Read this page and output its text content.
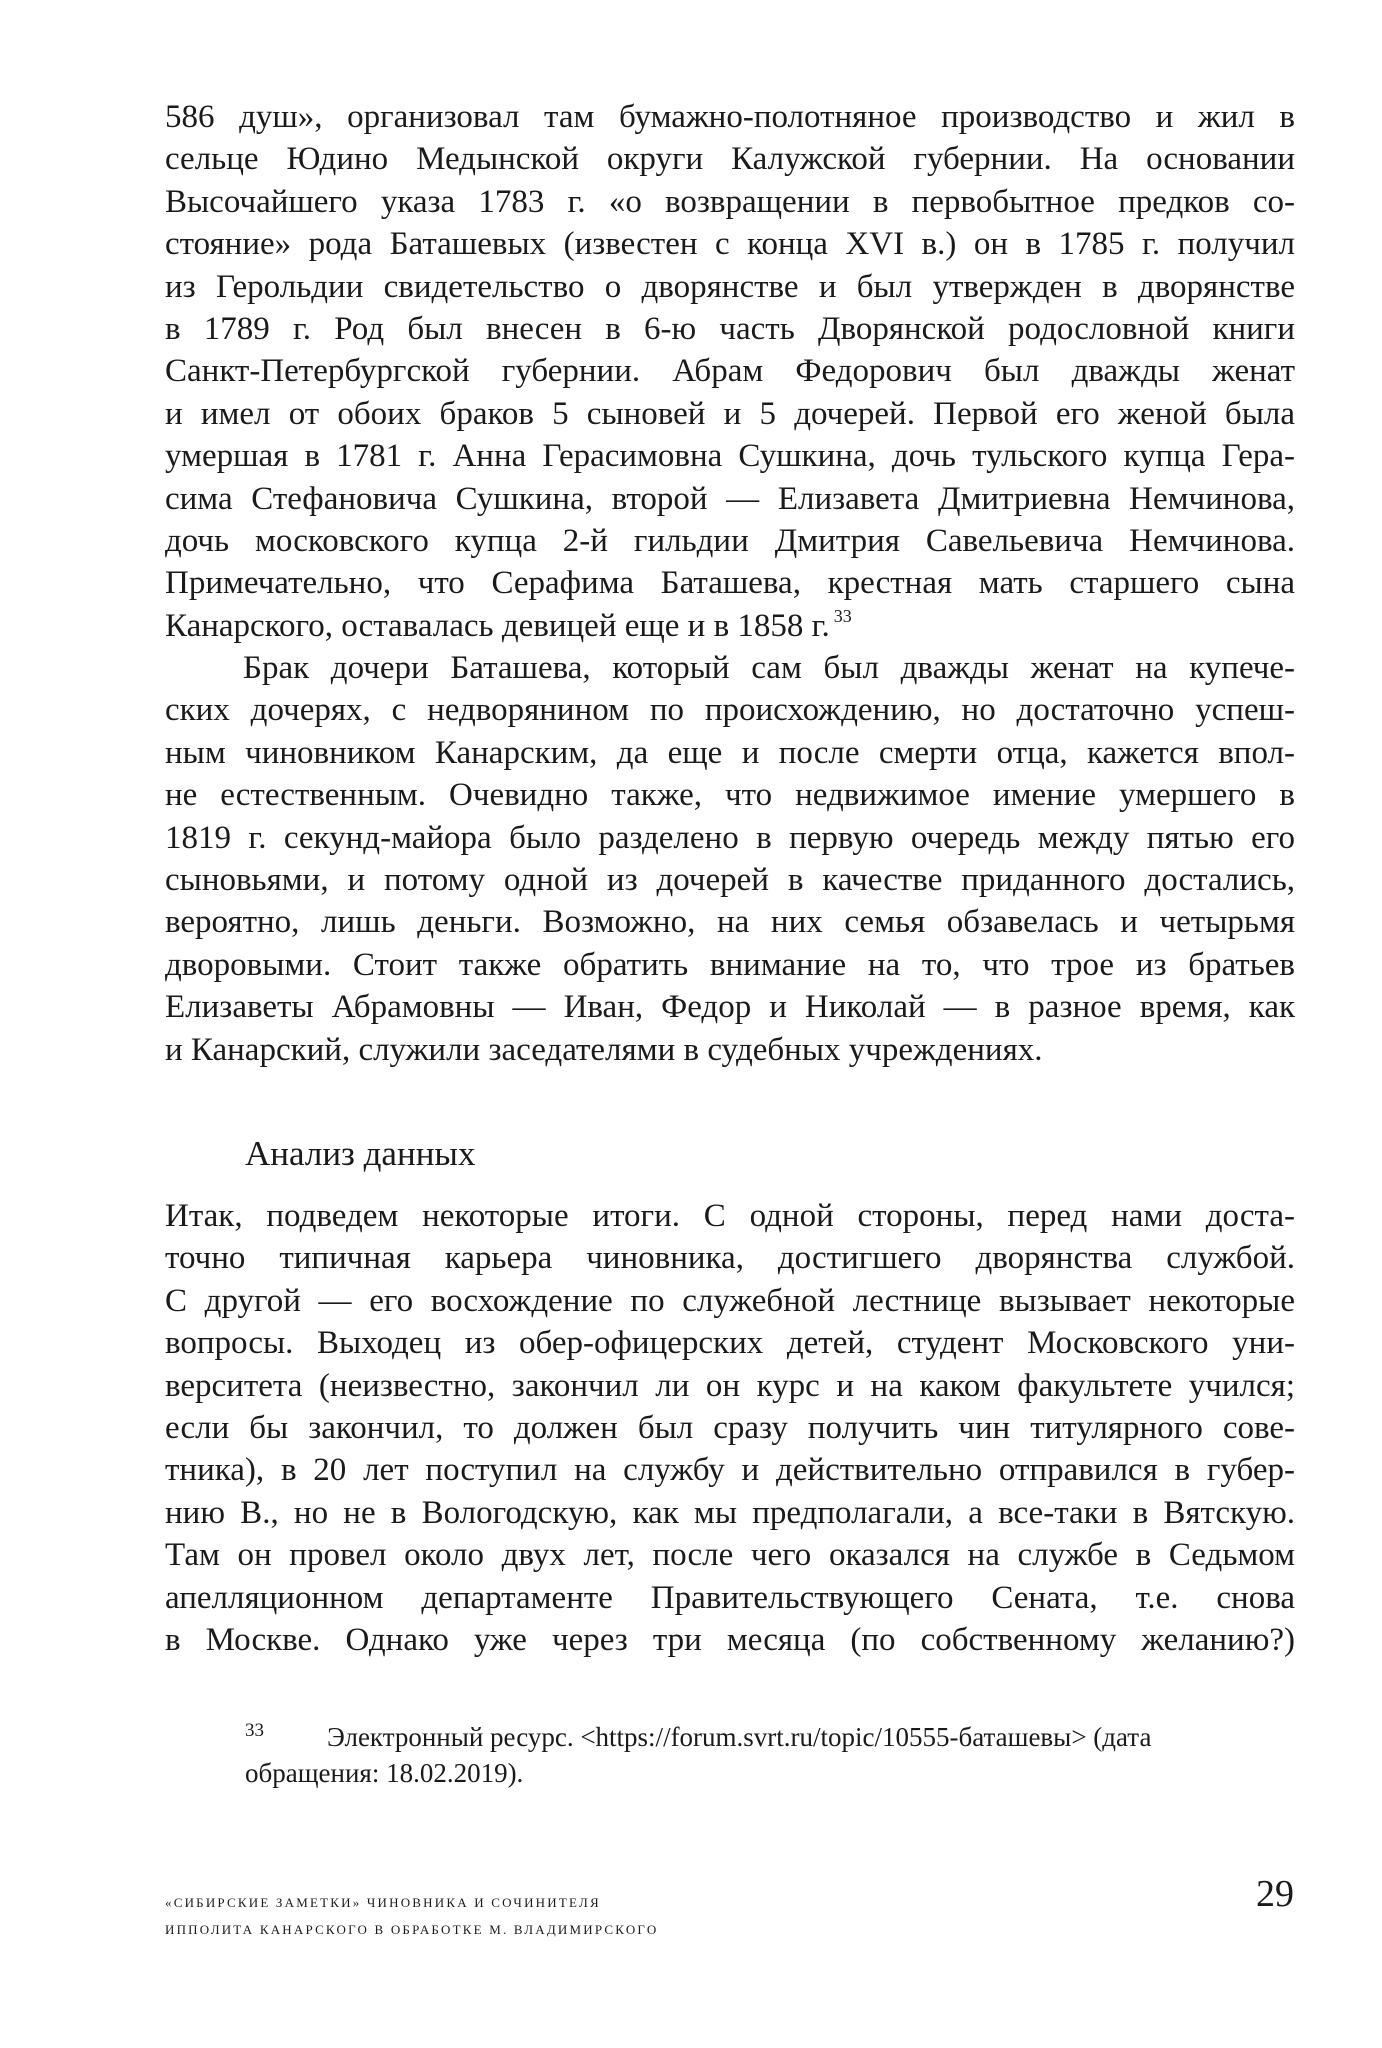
586 душ», организовал там бумажно-полотняное производство и жил в
сельце Юдино Медынской округи Калужской губернии. На основании
Высочайшего указа 1783 г. «о возвращении в первобытное предков со-
стояние» рода Баташевых (известен с конца XVI в.) он в 1785 г. получил
из Герольдии свидетельство о дворянстве и был утвержден в дворянстве
в 1789 г. Род был внесен в 6-ю часть Дворянской родословной книги
Санкт-Петербургской губернии. Абрам Федорович был дважды женат
и имел от обоих браков 5 сыновей и 5 дочерей. Первой его женой была
умершая в 1781 г. Анна Герасимовна Сушкина, дочь тульского купца Гера-
сима Стефановича Сушкина, второй — Елизавета Дмитриевна Немчинова,
дочь московского купца 2-й гильдии Дмитрия Савельевича Немчинова.
Примечательно, что Серафима Баташева, крестная мать старшего сына
Канарского, оставалась девицей еще и в 1858 г. $^{33}$
Брак дочери Баташева, который сам был дважды женат на купече-
ских дочерях, с недворянином по происхождению, но достаточно успеш-
ным чиновником Канарским, да еще и после смерти отца, кажется впол-
не естественным. Очевидно также, что недвижимое имение умершего в
1819 г. секунд-майора было разделено в первую очередь между пятью его
сыновьями, и потому одной из дочерей в качестве приданного достались,
вероятно, лишь деньги. Возможно, на них семья обзавелась и четырьмя
дворовыми. Стоит также обратить внимание на то, что трое из братьев
Елизаветы Абрамовны — Иван, Федор и Николай — в разное время, как
и Канарский, служили заседателями в судебных учреждениях.
Анализ данных
Итак, подведем некоторые итоги. С одной стороны, перед нами доста-
точно типичная карьера чиновника, достигшего дворянства службой.
С другой — его восхождение по служебной лестнице вызывает некоторые
вопросы. Выходец из обер-офицерских детей, студент Московского уни-
верситета (неизвестно, закончил ли он курс и на каком факультете учился;
если бы закончил, то должен был сразу получить чин титулярного сове-
тника), в 20 лет поступил на службу и действительно отправился в губер-
нию В., но не в Вологодскую, как мы предполагали, а все-таки в Вятскую.
Там он провел около двух лет, после чего оказался на службе в Седьмом
апелляционном департаменте Правительствующего Сената, т.е. снова
в Москве. Однако уже через три месяца (по собственному желанию?)
33 Электронный ресурс. <https://forum.svrt.ru/topic/10555-баташевы> (дата
обращения: 18.02.2019).
«сибирские заметки» чиновника и сочинителя
ипполита канарского в обработке м. владимирского
29
